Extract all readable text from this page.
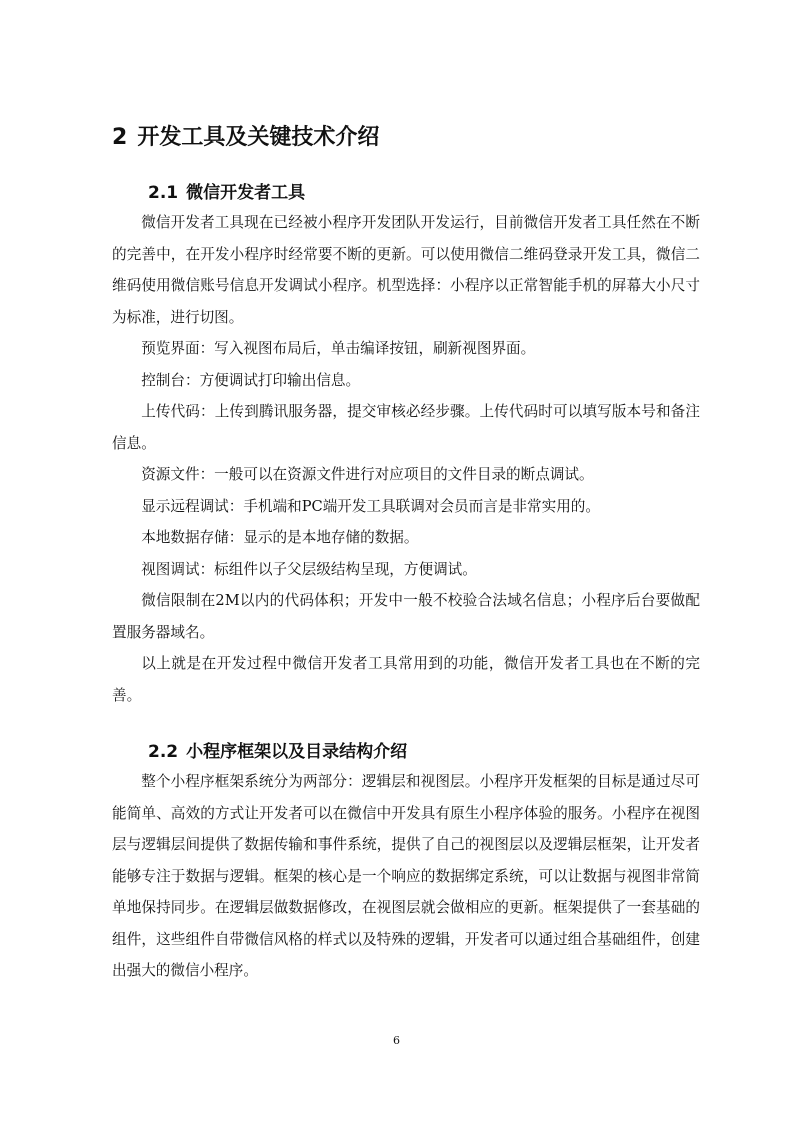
2 开发工具及关键技术介绍
2.1 微信开发者工具

微信开发者工具现在已经被小程序开发团队开发运行，目前微信开发者工具任然在不断的完善中，在开发小程序时经常要不断的更新。可以使用微信二维码登录开发工具，微信二维码使用微信账号信息开发调试小程序。机型选择：小程序以正常智能手机的屏幕大小尺寸为标准，进行切图。

预览界面：写入视图布局后，单击编译按钮，刷新视图界面。

控制台：方便调试打印输出信息。

上传代码：上传到腾讯服务器，提交审核必经步骤。上传代码时可以填写版本号和备注信息。

资源文件：一般可以在资源文件进行对应项目的文件目录的断点调试。

显示远程调试：手机端和PC端开发工具联调对会员而言是非常实用的。

本地数据存储：显示的是本地存储的数据。

视图调试：标组件以子父层级结构呈现，方便调试。

微信限制在2M以内的代码体积；开发中一般不校验合法域名信息；小程序后台要做配置服务器域名。

以上就是在开发过程中微信开发者工具常用到的功能，微信开发者工具也在不断的完善。

2.2 小程序框架以及目录结构介绍

整个小程序框架系统分为两部分：逻辑层和视图层。小程序开发框架的目标是通过尽可能简单、高效的方式让开发者可以在微信中开发具有原生小程序体验的服务。小程序在视图层与逻辑层间提供了数据传输和事件系统，提供了自己的视图层以及逻辑层框架，让开发者能够专注于数据与逻辑。框架的核心是一个响应的数据绑定系统，可以让数据与视图非常简单地保持同步。在逻辑层做数据修改，在视图层就会做相应的更新。框架提供了一套基础的组件，这些组件自带微信风格的样式以及特殊的逻辑，开发者可以通过组合基础组件，创建出强大的微信小程序。

6
